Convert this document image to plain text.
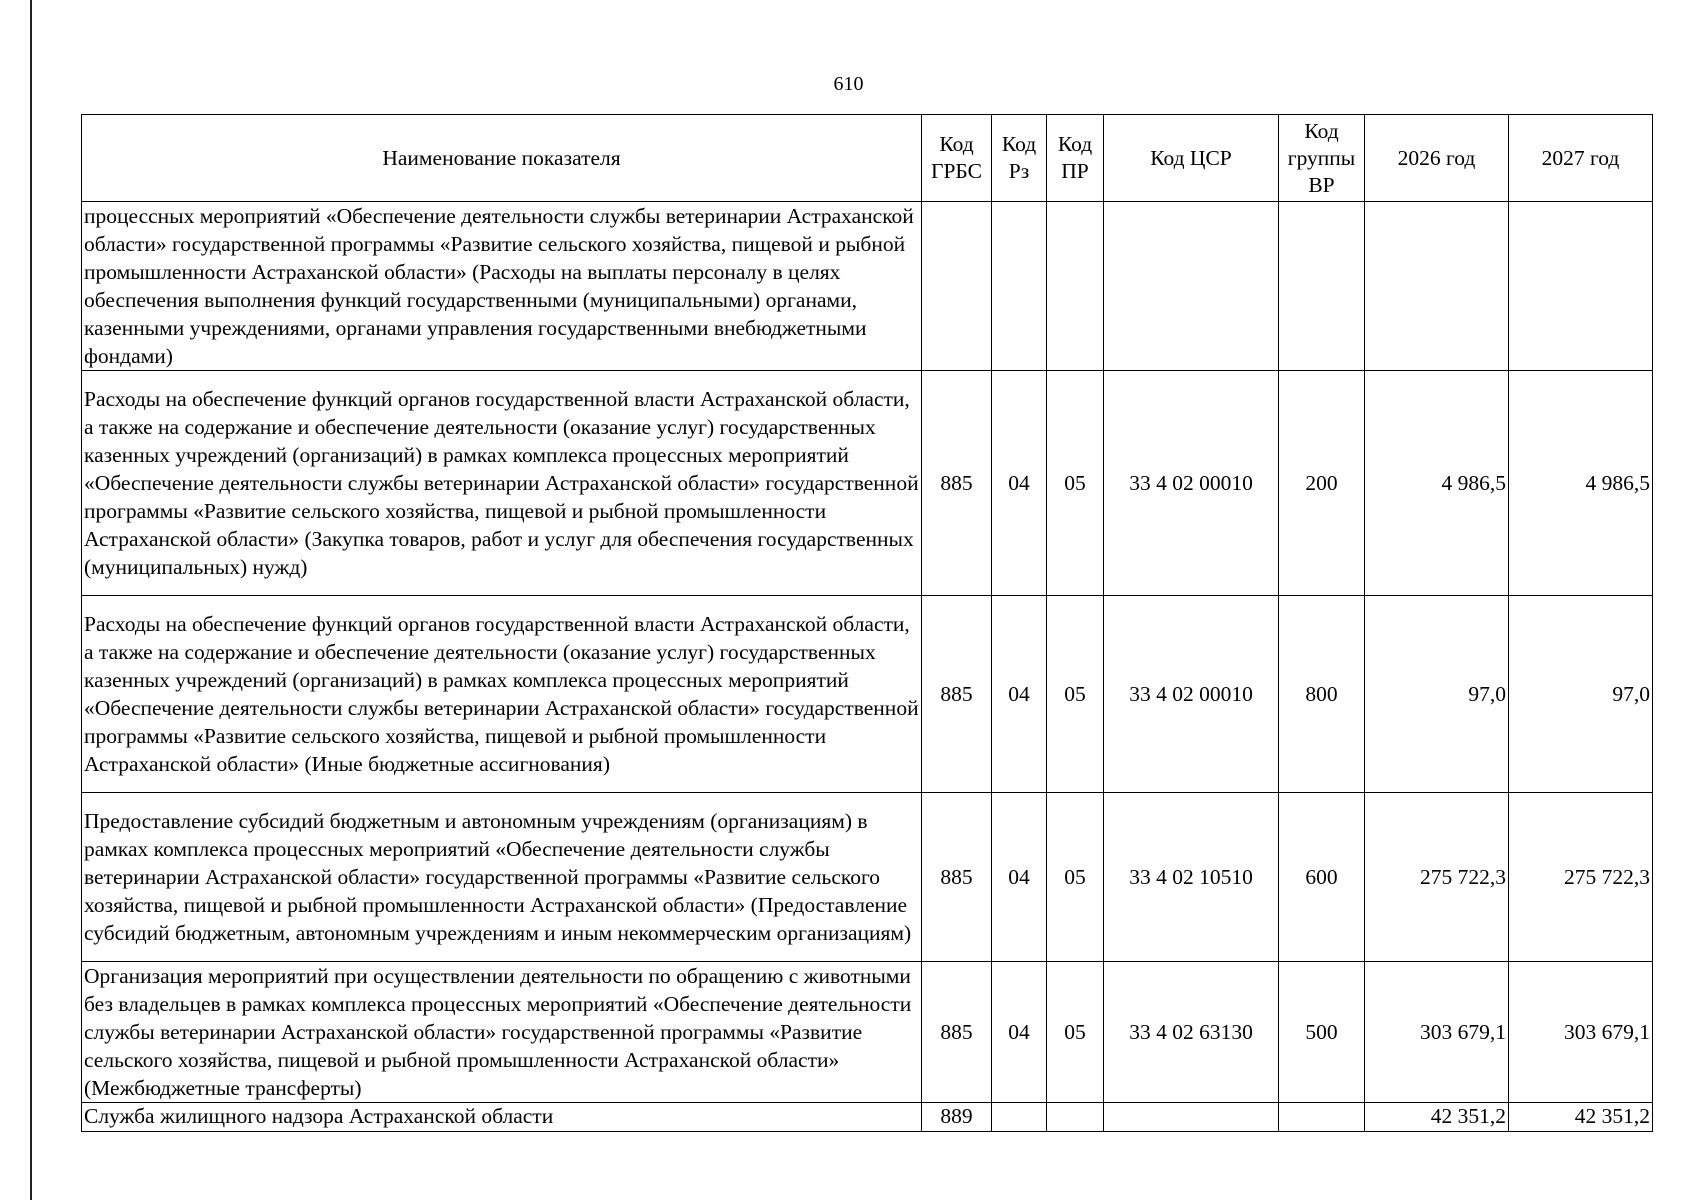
610
Наименование показателя	Код ГРБС	Код Рз	Код ПР	Код ЦСР	Код группы ВР	2026 год	2027 год
процессных мероприятий «Обеспечение деятельности службы ветеринарии Астраханской области» государственной программы «Развитие сельского хозяйства, пищевой и рыбной промышленности Астраханской области» (Расходы на выплаты персоналу в целях обеспечения выполнения функций государственными (муниципальными) органами, казенными учреждениями, органами управления государственными внебюджетными фондами)							
Расходы на обеспечение функций органов государственной власти Астраханской области, а также на содержание и обеспечение деятельности (оказание услуг) государственных казенных учреждений (организаций) в рамках комплекса процессных мероприятий «Обеспечение деятельности службы ветеринарии Астраханской области» государственной программы «Развитие сельского хозяйства, пищевой и рыбной промышленности Астраханской области» (Закупка товаров, работ и услуг для обеспечения государственных (муниципальных) нужд)	885	04	05	33 4 02 00010	200	4 986,5	4 986,5
Расходы на обеспечение функций органов государственной власти Астраханской области, а также на содержание и обеспечение деятельности (оказание услуг) государственных казенных учреждений (организаций) в рамках комплекса процессных мероприятий «Обеспечение деятельности службы ветеринарии Астраханской области» государственной программы «Развитие сельского хозяйства, пищевой и рыбной промышленности Астраханской области» (Иные бюджетные ассигнования)	885	04	05	33 4 02 00010	800	97,0	97,0
Предоставление субсидий бюджетным и автономным учреждениям (организациям) в рамках комплекса процессных мероприятий «Обеспечение деятельности службы ветеринарии Астраханской области» государственной программы «Развитие сельского хозяйства, пищевой и рыбной промышленности Астраханской области» (Предоставление субсидий бюджетным, автономным учреждениям и иным некоммерческим организациям)	885	04	05	33 4 02 10510	600	275 722,3	275 722,3
Организация мероприятий при осуществлении деятельности по обращению с животными без владельцев в рамках комплекса процессных мероприятий «Обеспечение деятельности службы ветеринарии Астраханской области» государственной программы «Развитие сельского хозяйства, пищевой и рыбной промышленности Астраханской области» (Межбюджетные трансферты)	885	04	05	33 4 02 63130	500	303 679,1	303 679,1
Служба жилищного надзора Астраханской области	889					42 351,2	42 351,2
